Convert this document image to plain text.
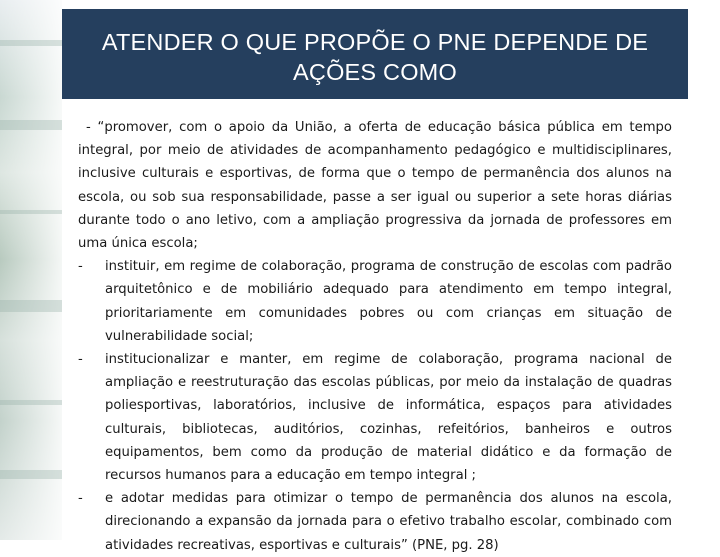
ATENDER O QUE PROPÕE O PNE DEPENDE DE AÇÕES COMO

- “promover, com o apoio da União, a oferta de educação básica pública em tempo integral, por meio de atividades de acompanhamento pedagógico e multidisciplinares, inclusive culturais e esportivas, de forma que o tempo de permanência dos alunos na escola, ou sob sua responsabilidade, passe a ser igual ou superior a sete horas diárias durante todo o ano letivo, com a ampliação progressiva da jornada de professores em uma única escola;

- instituir, em regime de colaboração, programa de construção de escolas com padrão arquitetônico e de mobiliário adequado para atendimento em tempo integral, prioritariamente em comunidades pobres ou com crianças em situação de vulnerabilidade social;
- institucionalizar e manter, em regime de colaboração, programa nacional de ampliação e reestruturação das escolas públicas, por meio da instalação de quadras poliesportivas, laboratórios, inclusive de informática, espaços para atividades culturais, bibliotecas, auditórios, cozinhas, refeitórios, banheiros e outros equipamentos, bem como da produção de material didático e da formação de recursos humanos para a educação em tempo integral ;
- e adotar medidas para otimizar o tempo de permanência dos alunos na escola, direcionando a expansão da jornada para o efetivo trabalho escolar, combinado com atividades recreativas, esportivas e culturais” (PNE, pg. 28)
